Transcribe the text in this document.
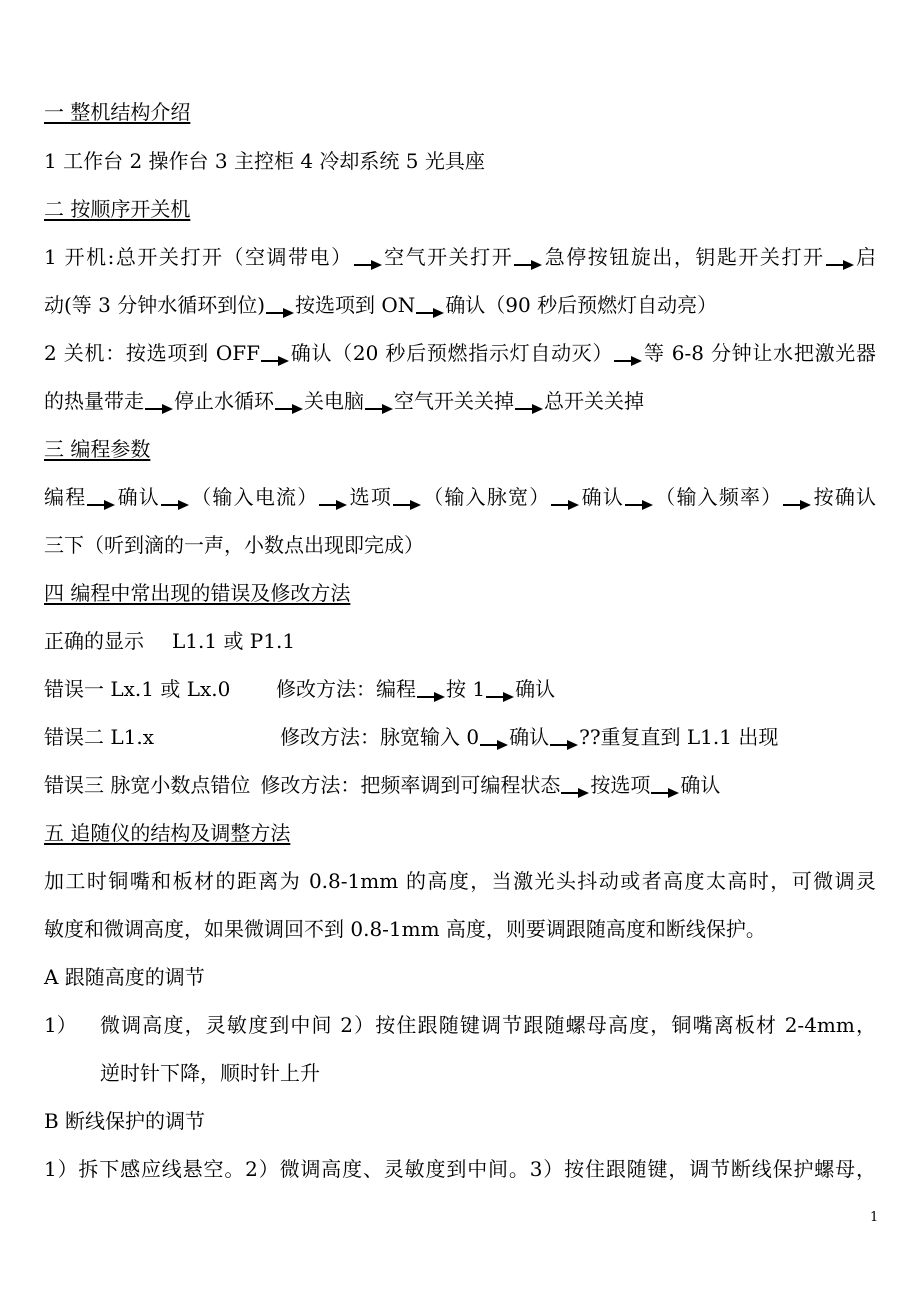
一 整机结构介绍
1 工作台 2 操作台 3 主控柜 4 冷却系统 5 光具座
二 按顺序开关机
1 开机:总开关打开（空调带电） 空气开关打开 急停按钮旋出，钥匙开关打开 启
动(等 3 分钟水循环到位) 按选项到 ON 确认（90 秒后预燃灯自动亮）
2 关机：按选项到 OFF 确认（20 秒后预燃指示灯自动灭） 等 6-8 分钟让水把激光器
的热量带走 停止水循环 关电脑 空气开关关掉 总开关关掉
三 编程参数
编程 确认 （输入电流） 选项 （输入脉宽） 确认 （输入频率） 按确认
三下（听到滴的一声，小数点出现即完成）
四 编程中常出现的错误及修改方法
正确的显示 L1.1 或 P1.1
错误一 Lx.1 或 Lx.0 修改方法：编程 按 1 确认
错误二 L1.x	修改方法：脉宽输入 0 确认 ??重复直到 L1.1 出现
错误三 脉宽小数点错位 修改方法：把频率调到可编程状态 按选项 确认
五 追随仪的结构及调整方法
加工时铜嘴和板材的距离为 0.8-1mm 的高度，当激光头抖动或者高度太高时，可微调灵
敏度和微调高度，如果微调回不到 0.8-1mm 高度，则要调跟随高度和断线保护。
A 跟随高度的调节
1） 微调高度，灵敏度到中间 2）按住跟随键调节跟随螺母高度，铜嘴离板材 2-4mm，
逆时针下降，顺时针上升
B 断线保护的调节
1）拆下感应线悬空。2）微调高度、灵敏度到中间。3）按住跟随键，调节断线保护螺母，
1
